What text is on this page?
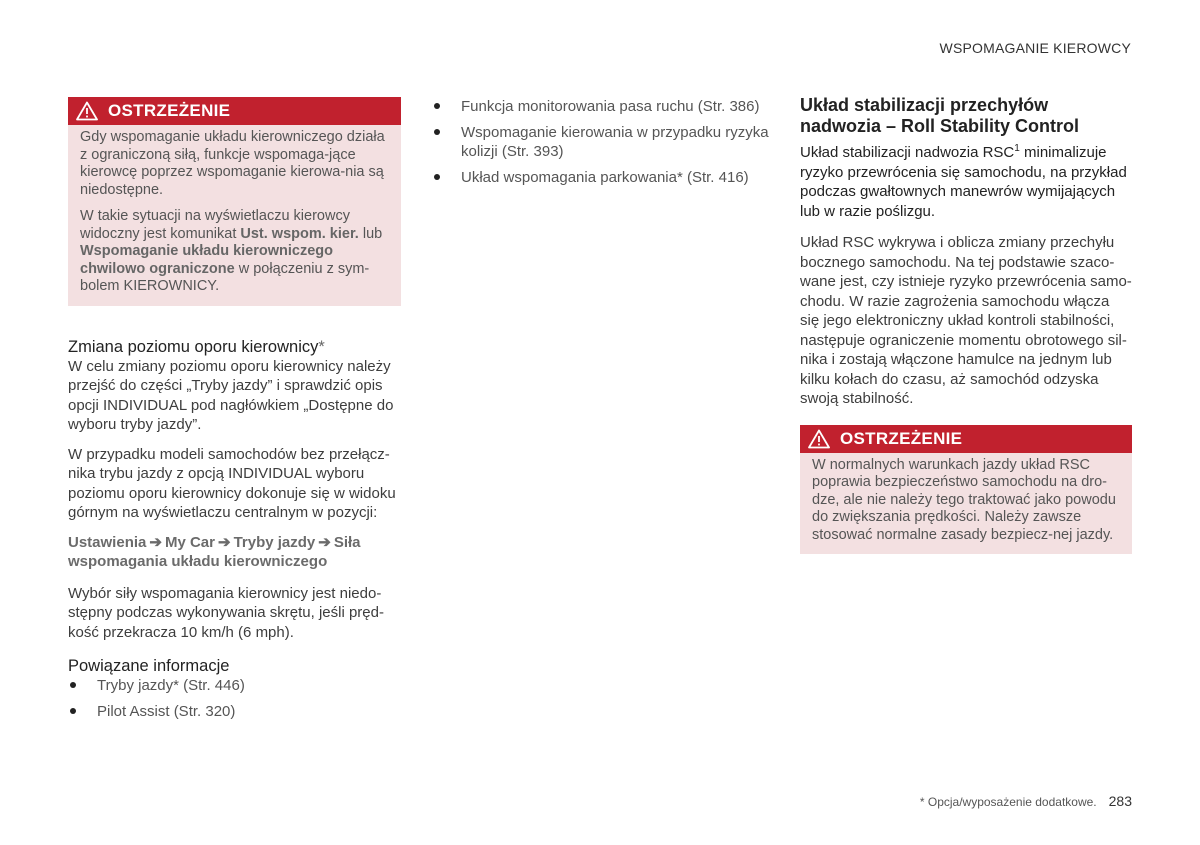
WSPOMAGANIE KIEROWCY
OSTRZEŻENIE

Gdy wspomaganie układu kierowniczego działa z ograniczoną siłą, funkcje wspomaga-jące kierowcę poprzez wspomaganie kierowa-nia są niedostępne.

W takie sytuacji na wyświetlaczu kierowcy widoczny jest komunikat Ust. wspom. kier. lub Wspomaganie układu kierowniczego chwilowo ograniczone w połączeniu z sym-bolem KIEROWNICY.

Zmiana poziomu oporu kierownicy*

W celu zmiany poziomu oporu kierownicy należy przejść do części „Tryby jazdy” i sprawdzić opis opcji INDIVIDUAL pod nagłówkiem „Dostępne do wyboru tryby jazdy”.

W przypadku modeli samochodów bez przełącz-nika trybu jazdy z opcją INDIVIDUAL wyboru poziomu oporu kierownicy dokonuje się w widoku górnym na wyświetlaczu centralnym w pozycji:

Ustawienia ➔ My Car ➔ Tryby jazdy ➔ Siła wspomagania układu kierowniczego

Wybór siły wspomagania kierownicy jest niedo-stępny podczas wykonywania skrętu, jeśli pręd-kość przekracza 10 km/h (6 mph).

Powiązane informacje
Tryby jazdy* (Str. 446)
Pilot Assist (Str. 320)
Funkcja monitorowania pasa ruchu (Str. 386)
Wspomaganie kierowania w przypadku ryzyka kolizji (Str. 393)
Układ wspomagania parkowania* (Str. 416)
Układ stabilizacji przechyłów nadwozia – Roll Stability Control

Układ stabilizacji nadwozia RSC$^1$ minimalizuje ryzyko przewrócenia się samochodu, na przykład podczas gwałtownych manewrów wymijających lub w razie poślizgu.

Układ RSC wykrywa i oblicza zmiany przechyłu bocznego samochodu. Na tej podstawie szaco-wane jest, czy istnieje ryzyko przewrócenia samo-chodu. W razie zagrożenia samochodu włącza się jego elektroniczny układ kontroli stabilności, następuje ograniczenie momentu obrotowego sil-nika i zostają włączone hamulce na jednym lub kilku kołach do czasu, aż samochód odzyska swoją stabilność.

OSTRZEŻENIE

W normalnych warunkach jazdy układ RSC poprawia bezpieczeństwo samochodu na dro-dze, ale nie należy tego traktować jako powodu do zwiększania prędkości. Należy zawsze stosować normalne zasady bezpiecz-nej jazdy.

* Opcja/wyposażenie dodatkowe. 283
